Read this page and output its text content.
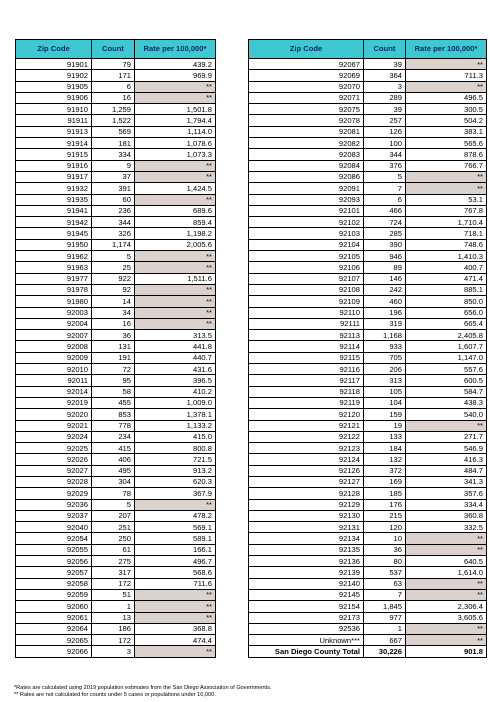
Zip Code	Count	Rate per 100,000*
91901	79	439.2
91902	171	969.9
91905	6	**
91906	16	**
91910	1,259	1,501.8
91911	1,522	1,794.4
91913	569	1,114.0
91914	181	1,078.6
91915	334	1,073.3
91916	9	**
91917	37	**
91932	391	1,424.5
91935	60	**
91941	236	689.6
91942	344	859.4
91945	326	1,198.2
91950	1,174	2,005.6
91962	5	**
91963	25	**
91977	922	1,511.6
91978	92	**
91980	14	**
92003	34	**
92004	16	**
92007	36	313.5
92008	131	441.8
92009	191	440.7
92010	72	431.6
92011	95	396.5
92014	58	410.2
92019	455	1,009.0
92020	853	1,378.1
92021	778	1,133.2
92024	234	415.0
92025	415	800.8
92026	406	721.5
92027	495	913.2
92028	304	620.3
92029	78	367.9
92036	5	**
92037	207	478.2
92040	251	569.1
92054	250	589.1
92055	61	166.1
92056	275	496.7
92057	317	568.6
92058	172	711.6
92059	51	**
92060	1	**
92061	13	**
92064	186	368.8
92065	172	474.4
92066	3	**
Zip Code	Count	Rate per 100,000*
92067	39	**
92069	364	711.3
92070	3	**
92071	289	496.5
92075	39	300.5
92078	257	504.2
92081	126	383.1
92082	100	565.6
92083	344	878.6
92084	376	766.7
92086	5	**
92091	7	**
92093	6	53.1
92101	466	767.8
92102	724	1,710.4
92103	285	718.1
92104	390	748.6
92105	946	1,410.3
92106	89	400.7
92107	146	471.4
92108	242	885.1
92109	460	850.0
92110	196	656.0
92111	319	665.4
92113	1,168	2,405.8
92114	933	1,607.7
92115	705	1,147.0
92116	206	557.6
92117	313	600.5
92118	105	584.7
92119	104	438.3
92120	159	540.0
92121	19	**
92122	133	271.7
92123	184	546.9
92124	132	416.3
92126	372	484.7
92127	169	341.3
92128	185	357.6
92129	176	334.4
92130	215	360.8
92131	120	332.5
92134	10	**
92135	36	**
92136	80	640.5
92139	537	1,614.0
92140	63	**
92145	7	**
92154	1,845	2,306.4
92173	977	3,605.6
92536	1	**
Unknown***	667	**
San Diego County Total	30,226	901.8
*Rates are calculated using 2019 population estimates from the San Diego Association of Governments.
** Rates are not calculated for counts under 5 cases or populations under 10,000.
